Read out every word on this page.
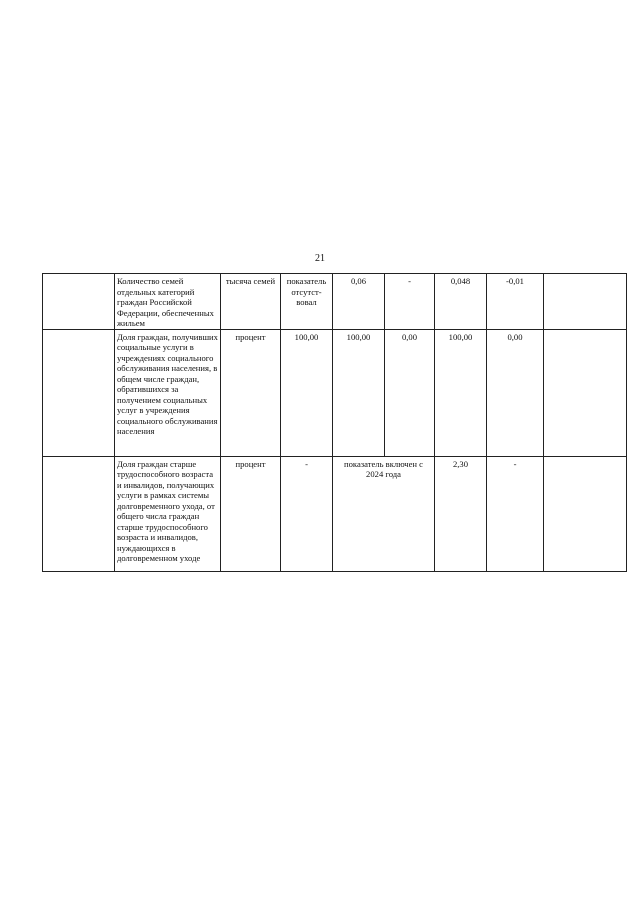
21
	Количество семей отдельных категорий граждан Российской Федерации, обеспеченных жильем	тысяча семей	показатель отсутст-вовал	0,06	-	0,048	-0,01	
	Доля граждан, получивших социальные услуги в учреждениях социального обслуживания населения, в общем числе граждан, обратившихся за получением социальных услуг в учреждения социального обслуживания населения	процент	100,00	100,00	0,00	100,00	0,00	
	Доля граждан старше трудоспособного возраста и инвалидов, получающих услуги в рамках системы долговременного ухода, от общего числа граждан старше трудоспособного возраста и инвалидов, нуждающихся в долговременном уходе	процент	-	показатель включен с 2024 года		2,30	-	
